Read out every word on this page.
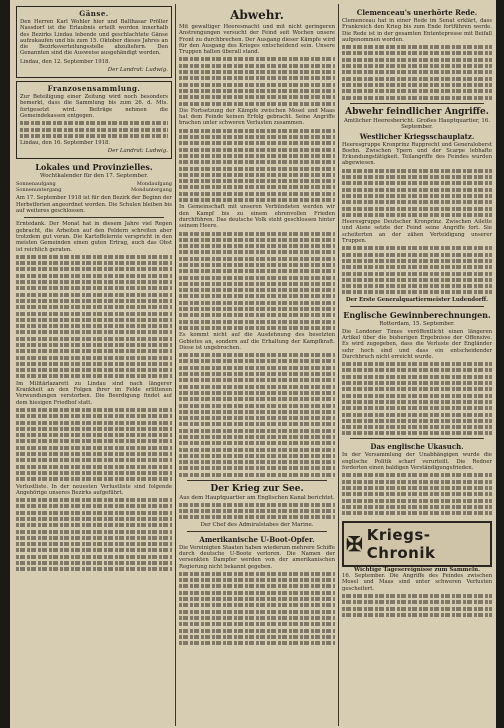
Gänse.
Den Herren Karl Wohler hier und Balthasar Pröller Nassdorf ist die Erlaubnis erteilt worden innerhalb des Bezirks Lindau lebende und geschlachtete Gänse aufzukaufen und bis zum 15. Oktober dieses Jahres an die Bezirksverteilungsstelle abzuliefern. Den Genannten sind die Ausweise ausgehändigt worden.
Lindau, den 12. September 1918.
Der Landrat: Ludwig.
Franzosensammlung.
Zur Beteiligung einer Zeitung wird noch besonders bemerkt, dass die Sammlung bis zum 26. d. Mts. fortgesetzt wird. Beiträge nehmen die Gemeindekassen entgegen.
Lindau, den 16. September 1918.
Der Landrat: Ludwig.
Lokales und Provinzielles.
Wochtkalender für den 17. September.
Sonnenaufgang	Mondaufgang
Sonnenuntergang	Monduntergang
Am 17. September 1918 ist für den Bezirk der Beginn der Herbstferien angeordnet worden. Die Schulen bleiben bis auf weiteres geschlossen.
Erntedank. Der Monat hat in diesem Jahre viel Regen gebracht, die Arbeiten auf den Feldern schreiten aber trotzdem gut voran. Die Kartoffelernte verspricht in den meisten Gemeinden einen guten Ertrag, auch das Obst ist reichlich geraten.
Im Militärlazarett zu Lindau sind nach längerer Krankheit an den Folgen ihrer im Felde erlittenen Verwundungen verstorben. Die Beerdigung findet auf dem hiesigen Friedhof statt.
Verlustliste. In der neuesten Verlustliste sind folgende Angehörige unseres Bezirks aufgeführt.
Abwehr.
Mit gewaltiger Heeresmacht und mit nicht geringeren Anstrengungen versucht der Feind seit Wochen unsere Front zu durchbrechen. Der Ausgang dieser Kämpfe wird für den Ausgang des Krieges entscheidend sein. Unsere Truppen halten überall stand.
Die Fortsetzung der Kämpfe zwischen Mosel und Maas hat dem Feinde keinen Erfolg gebracht. Seine Angriffe brachen unter schweren Verlusten zusammen.
In Gemeinschaft mit unseren Verbündeten werden wir den Kampf bis zu einem ehrenvollen Frieden durchführen. Das deutsche Volk steht geschlossen hinter seinem Heere.
Es kommt nicht auf die Ausdehnung des besetzten Gebietes an, sondern auf die Erhaltung der Kampfkraft. Diese ist ungebrochen.
Der Krieg zur See.
Aus dem Hauptquartier am Englischen Kanal berichtet.
Der Chef des Admiralstabes der Marine.
Amerikanische U-Boot-Opfer.
Die Vereinigten Staaten haben wiederum mehrere Schiffe durch deutsche U-Boote verloren. Die Namen der versenkten Dampfer werden von der amerikanischen Regierung nicht bekannt gegeben.
Clemenceau's unerhörte Rede.
Clemenceau hat in einer Rede im Senat erklärt, dass Frankreich den Krieg bis zum Ende fortführen werde. Die Rede ist in der gesamten Ententepresse mit Beifall aufgenommen worden.
Abwehr feindlicher Angriffe.
Amtlicher Heeresbericht. Großes Hauptquartier, 16. September.
Westlicher Kriegsschauplatz.
Heeresgruppe Kronprinz Rupprecht und Generaloberst Boehn. Zwischen Ypern und der Scarpe lebhafte Erkundungstätigkeit. Teilangriffe des Feindes wurden abgewiesen.
Heeresgruppe Deutscher Kronprinz. Zwischen Ailette und Aisne setzte der Feind seine Angriffe fort. Sie scheiterten an der zähen Verteidigung unserer Truppen.
Der Erste Generalquartiermeister Ludendorff.
Englische Gewinnberechnungen.
Rotterdam, 15. September.
Die Londoner Times veröffentlicht einen längeren Artikel über die bisherigen Ergebnisse der Offensive. Es wird zugegeben, dass die Verluste der Engländer sehr hoch sind und dass ein entscheidender Durchbruch nicht erreicht wurde.
Das englische Ukasuch.
In der Versammlung der Unabhängigen wurde die englische Politik scharf verurteilt. Die Redner forderten einen baldigen Verständigungsfrieden.
✠ Kriegs-Chronik
Wichtige Tagesereignisse zum Sammeln.
16. September. Die Angriffe des Feindes zwischen Mosel und Maas sind unter schweren Verlusten gescheitert.
